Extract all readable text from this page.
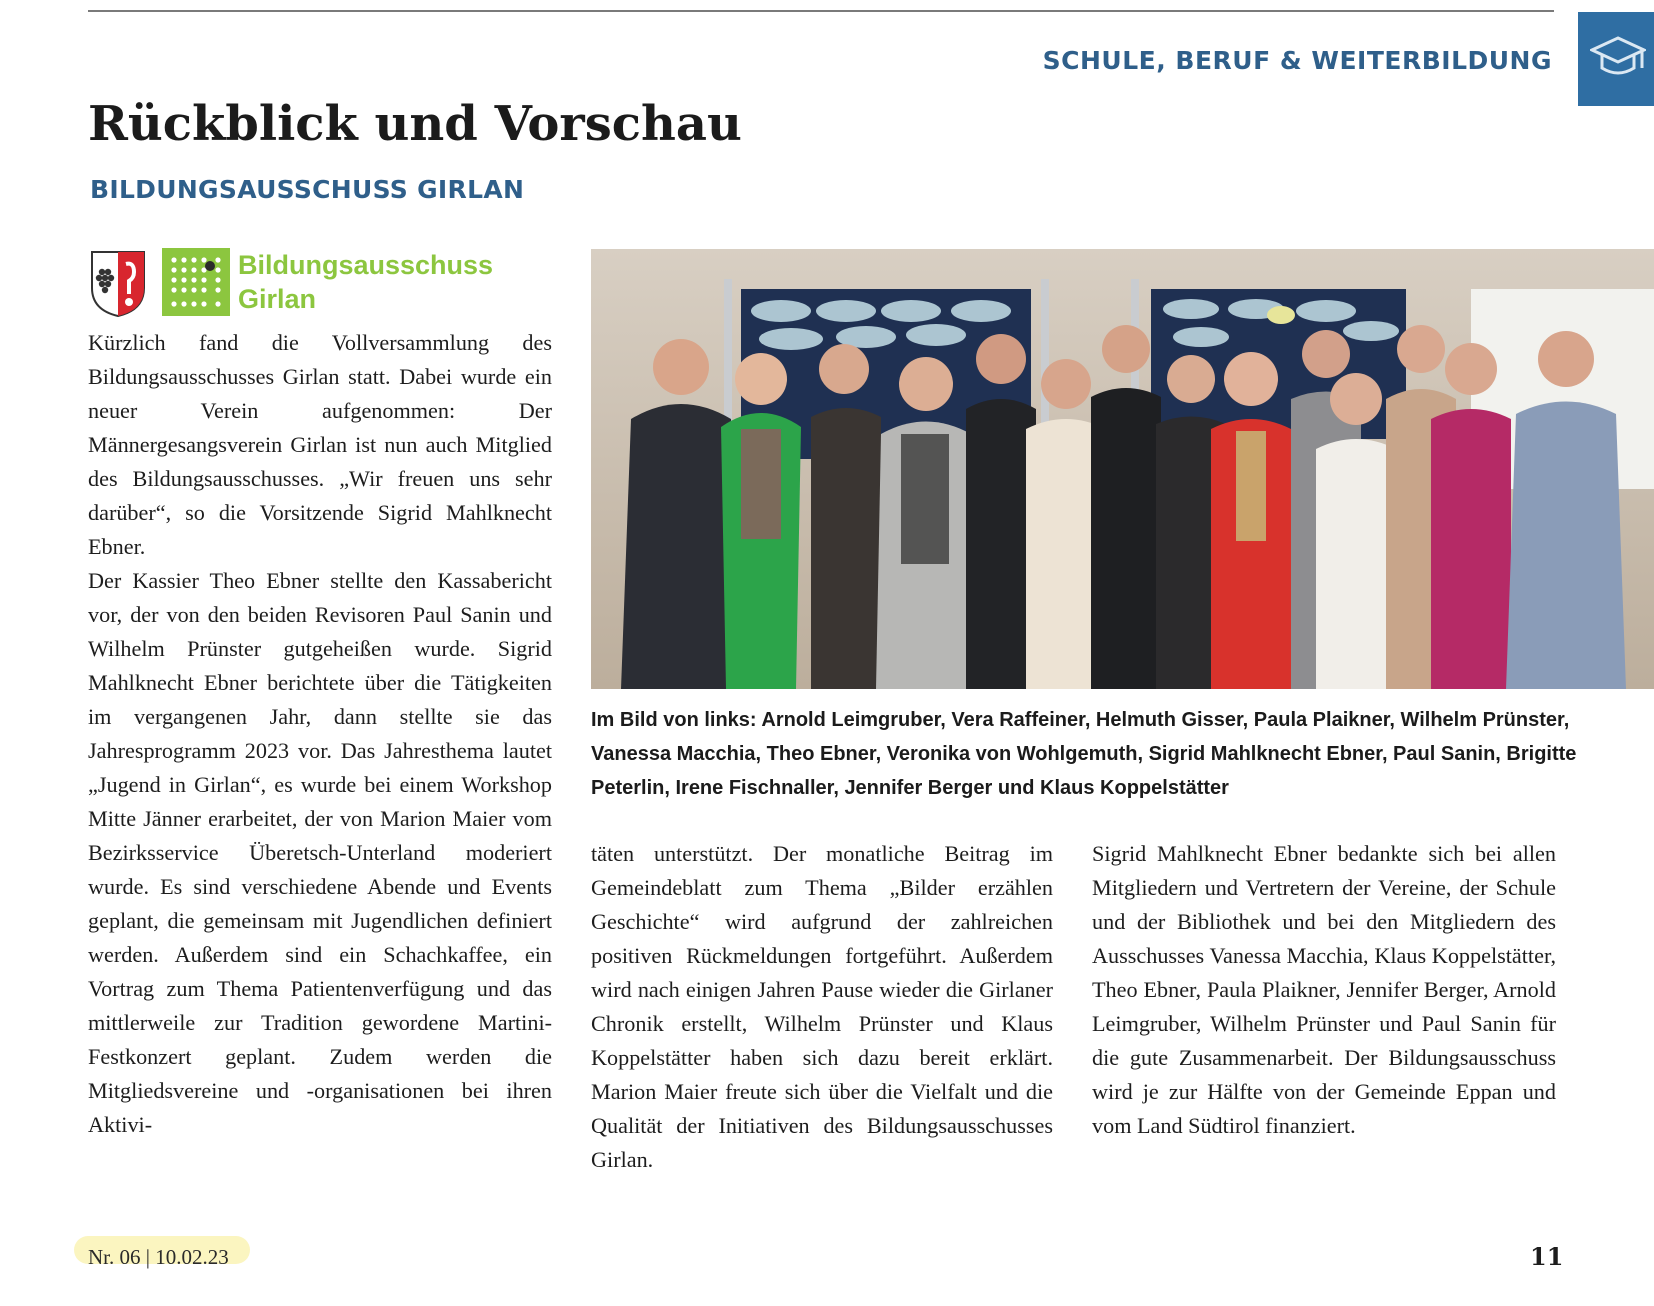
SCHULE, BERUF & WEITERBILDUNG
Rückblick und Vorschau
BILDUNGSAUSSCHUSS GIRLAN
Bildungsausschuss
Girlan

Kürzlich fand die Vollversammlung des Bildungsausschusses Girlan statt. Dabei wurde ein neuer Verein aufgenommen: Der Männergesangsverein Girlan ist nun auch Mitglied des Bildungsausschusses. „Wir freuen uns sehr darüber“, so die Vorsitzende Sigrid Mahlknecht Ebner.

Der Kassier Theo Ebner stellte den Kassabericht vor, der von den beiden Revisoren Paul Sanin und Wilhelm Prünster gutgeheißen wurde. Sigrid Mahlknecht Ebner berichtete über die Tätigkeiten im vergangenen Jahr, dann stellte sie das Jahresprogramm 2023 vor. Das Jahresthema lautet „Jugend in Girlan“, es wurde bei einem Workshop Mitte Jänner erarbeitet, der von Marion Maier vom Bezirksservice Überetsch-Unterland moderiert wurde. Es sind verschiedene Abende und Events geplant, die gemeinsam mit Jugendlichen definiert werden. Außerdem sind ein Schachkaffee, ein Vortrag zum Thema Patientenverfügung und das mittlerweile zur Tradition gewordene Martini-Festkonzert geplant. Zudem werden die Mitgliedsvereine und -organisationen bei ihren Aktivi-

Im Bild von links: Arnold Leimgruber, Vera Raffeiner, Helmuth Gisser, Paula Plaikner, Wilhelm Prünster, Vanessa Macchia, Theo Ebner, Veronika von Wohlgemuth, Sigrid Mahlknecht Ebner, Paul Sanin, Brigitte Peterlin, Irene Fischnaller, Jennifer Berger und Klaus Koppelstätter

täten unterstützt. Der monatliche Beitrag im Gemeindeblatt zum Thema „Bilder erzählen Geschichte“ wird aufgrund der zahlreichen positiven Rückmeldungen fortgeführt. Außerdem wird nach einigen Jahren Pause wieder die Girlaner Chronik erstellt, Wilhelm Prünster und Klaus Koppelstätter haben sich dazu bereit erklärt. Marion Maier freute sich über die Vielfalt und die Qualität der Initiativen des Bildungsausschusses Girlan.

Sigrid Mahlknecht Ebner bedankte sich bei allen Mitgliedern und Vertretern der Vereine, der Schule und der Bibliothek und bei den Mitgliedern des Ausschusses Vanessa Macchia, Klaus Koppelstätter, Theo Ebner, Paula Plaikner, Jennifer Berger, Arnold Leimgruber, Wilhelm Prünster und Paul Sanin für die gute Zusammenarbeit. Der Bildungsausschuss wird je zur Hälfte von der Gemeinde Eppan und vom Land Südtirol finanziert.

Nr. 06 | 10.02.23	11
